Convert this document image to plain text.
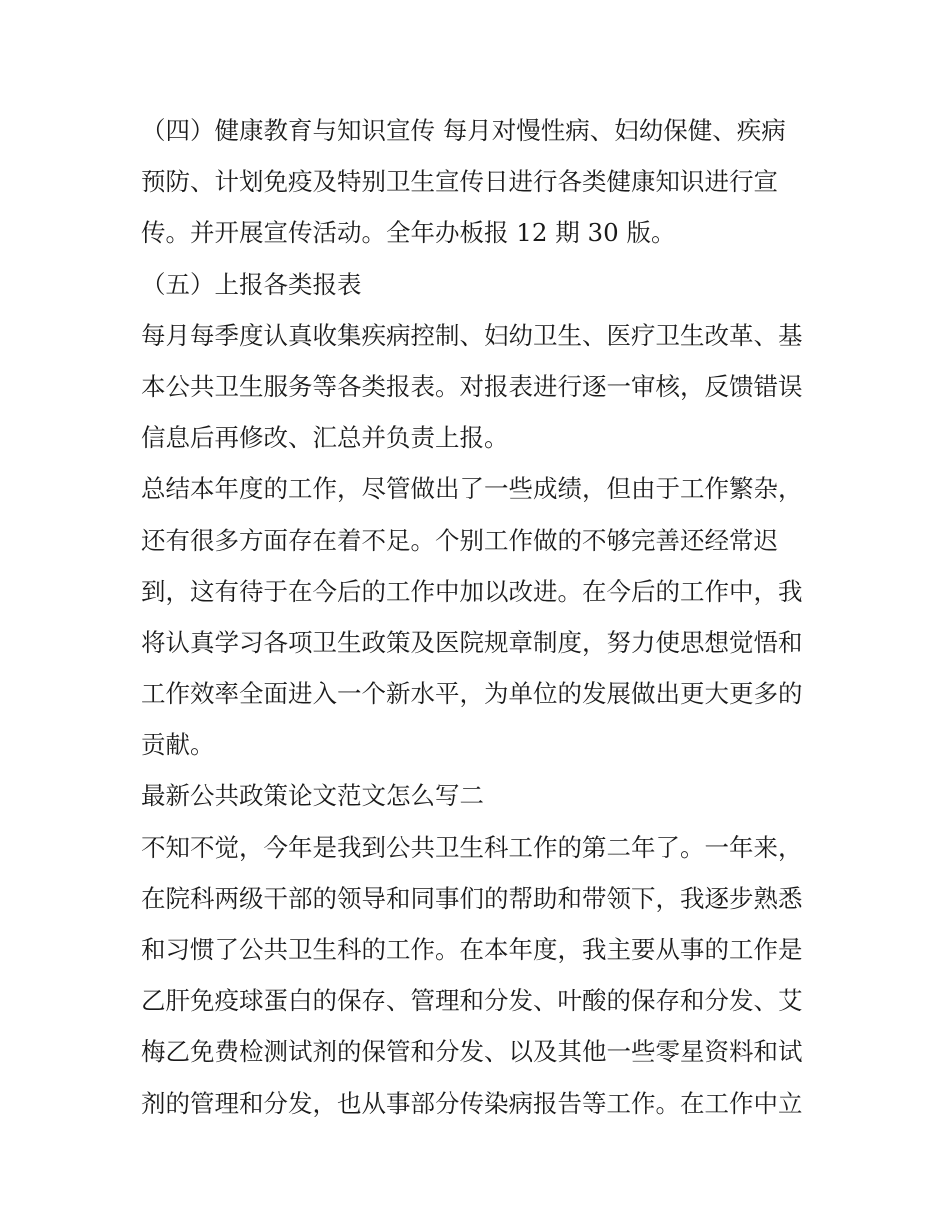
（四）健康教育与知识宣传 每月对慢性病、妇幼保健、疾病
预防、计划免疫及特别卫生宣传日进行各类健康知识进行宣
传。并开展宣传活动。全年办板报 12 期 30 版。
（五）上报各类报表
每月每季度认真收集疾病控制、妇幼卫生、医疗卫生改革、基
本公共卫生服务等各类报表。对报表进行逐一审核，反馈错误
信息后再修改、汇总并负责上报。
总结本年度的工作，尽管做出了一些成绩，但由于工作繁杂，
还有很多方面存在着不足。个别工作做的不够完善还经常迟
到，这有待于在今后的工作中加以改进。在今后的工作中，我
将认真学习各项卫生政策及医院规章制度，努力使思想觉悟和
工作效率全面进入一个新水平，为单位的发展做出更大更多的
贡献。
最新公共政策论文范文怎么写二
不知不觉，今年是我到公共卫生科工作的第二年了。一年来，
在院科两级干部的领导和同事们的帮助和带领下，我逐步熟悉
和习惯了公共卫生科的工作。在本年度，我主要从事的工作是
乙肝免疫球蛋白的保存、管理和分发、叶酸的保存和分发、艾
梅乙免费检测试剂的保管和分发、以及其他一些零星资料和试
剂的管理和分发，也从事部分传染病报告等工作。在工作中立
